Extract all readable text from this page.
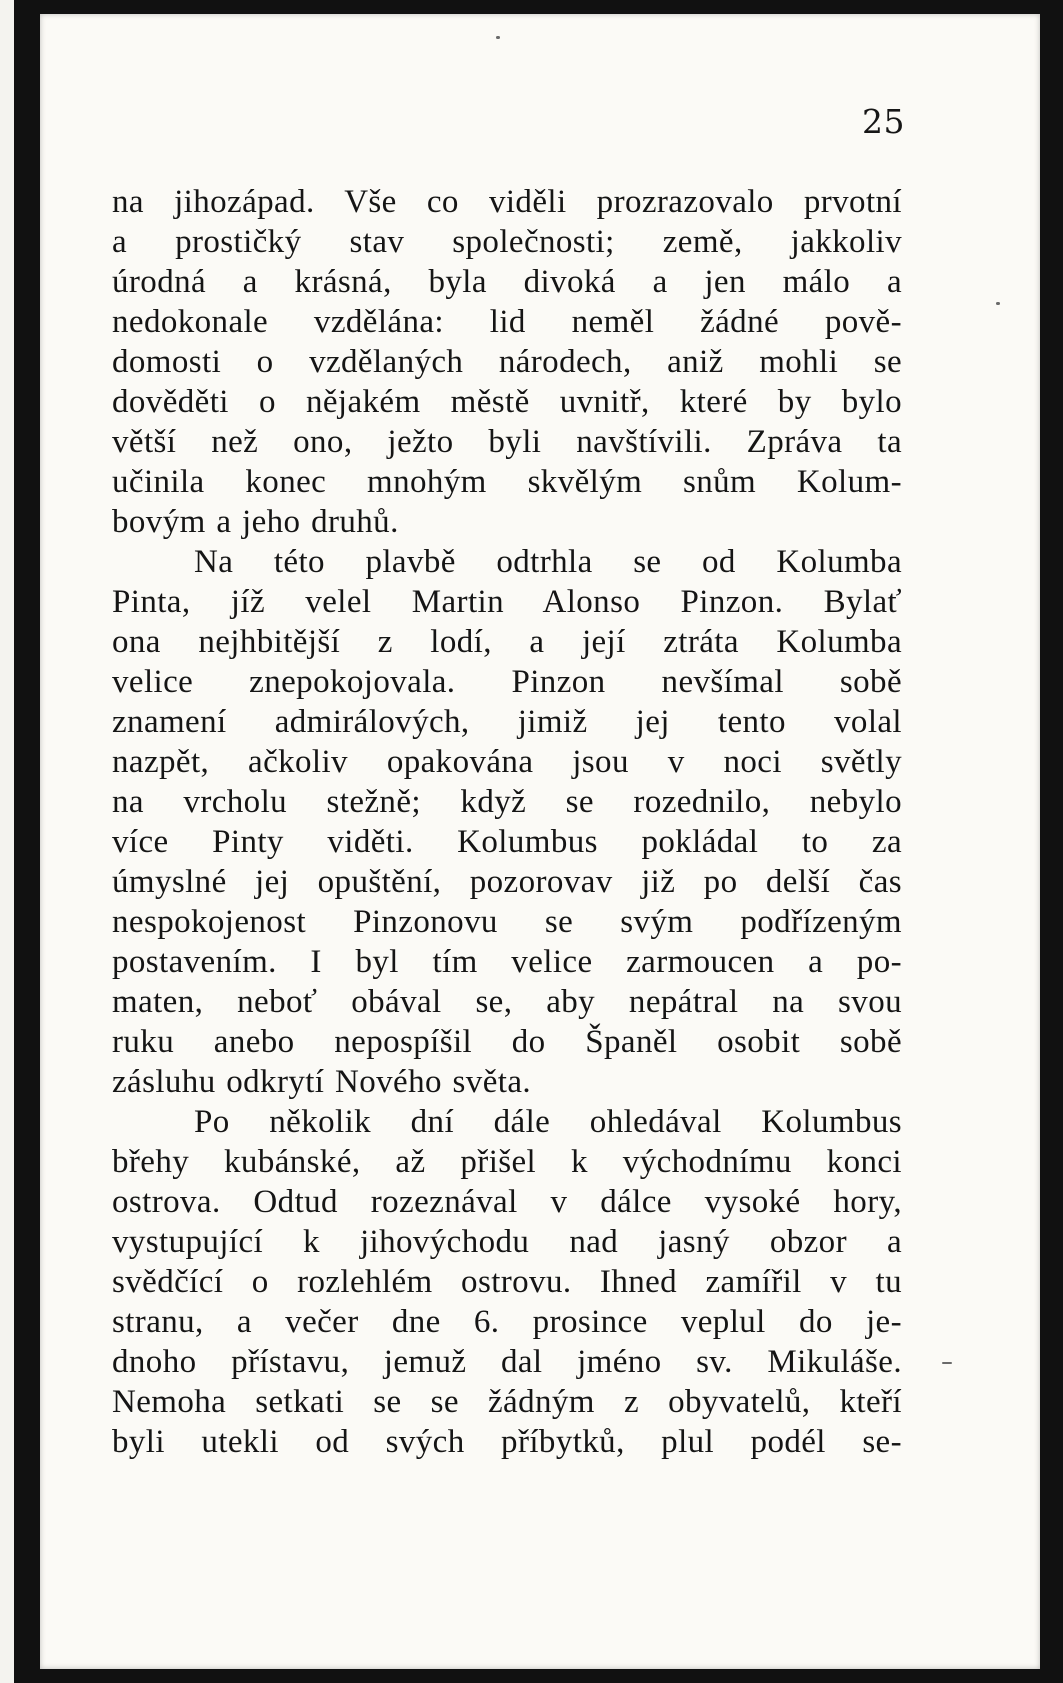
25
na jihozápad. Vše co viděli prozrazovalo prvotní
a prostičký stav společnosti; země, jakkoliv
úrodná a krásná, byla divoká a jen málo a
nedokonale vzdělána: lid neměl žádné pově-
domosti o vzdělaných národech, aniž mohli se
dověděti o nějakém městě uvnitř, které by bylo
větší než ono, ježto byli navštívili. Zpráva ta
učinila konec mnohým skvělým snům Kolum-
bovým a jeho druhů.
Na této plavbě odtrhla se od Kolumba
Pinta, jíž velel Martin Alonso Pinzon. Bylať
ona nejhbitější z lodí, a její ztráta Kolumba
velice znepokojovala. Pinzon nevšímal sobě
znamení admirálových, jimiž jej tento volal
nazpět, ačkoliv opakována jsou v noci světly
na vrcholu stežně; když se rozednilo, nebylo
více Pinty viděti. Kolumbus pokládal to za
úmyslné jej opuštění, pozorovav již po delší čas
nespokojenost Pinzonovu se svým podřízeným
postavením. I byl tím velice zarmoucen a po-
maten, neboť obával se, aby nepátral na svou
ruku anebo nepospíšil do Španěl osobit sobě
zásluhu odkrytí Nového světa.
Po několik dní dále ohledával Kolumbus
břehy kubánské, až přišel k východnímu konci
ostrova. Odtud rozeznával v dálce vysoké hory,
vystupující k jihovýchodu nad jasný obzor a
svědčící o rozlehlém ostrovu. Ihned zamířil v tu
stranu, a večer dne 6. prosince veplul do je-
dnoho přístavu, jemuž dal jméno sv. Mikuláše.
Nemoha setkati se se žádným z obyvatelů, kteří
byli utekli od svých příbytků, plul podél se-
